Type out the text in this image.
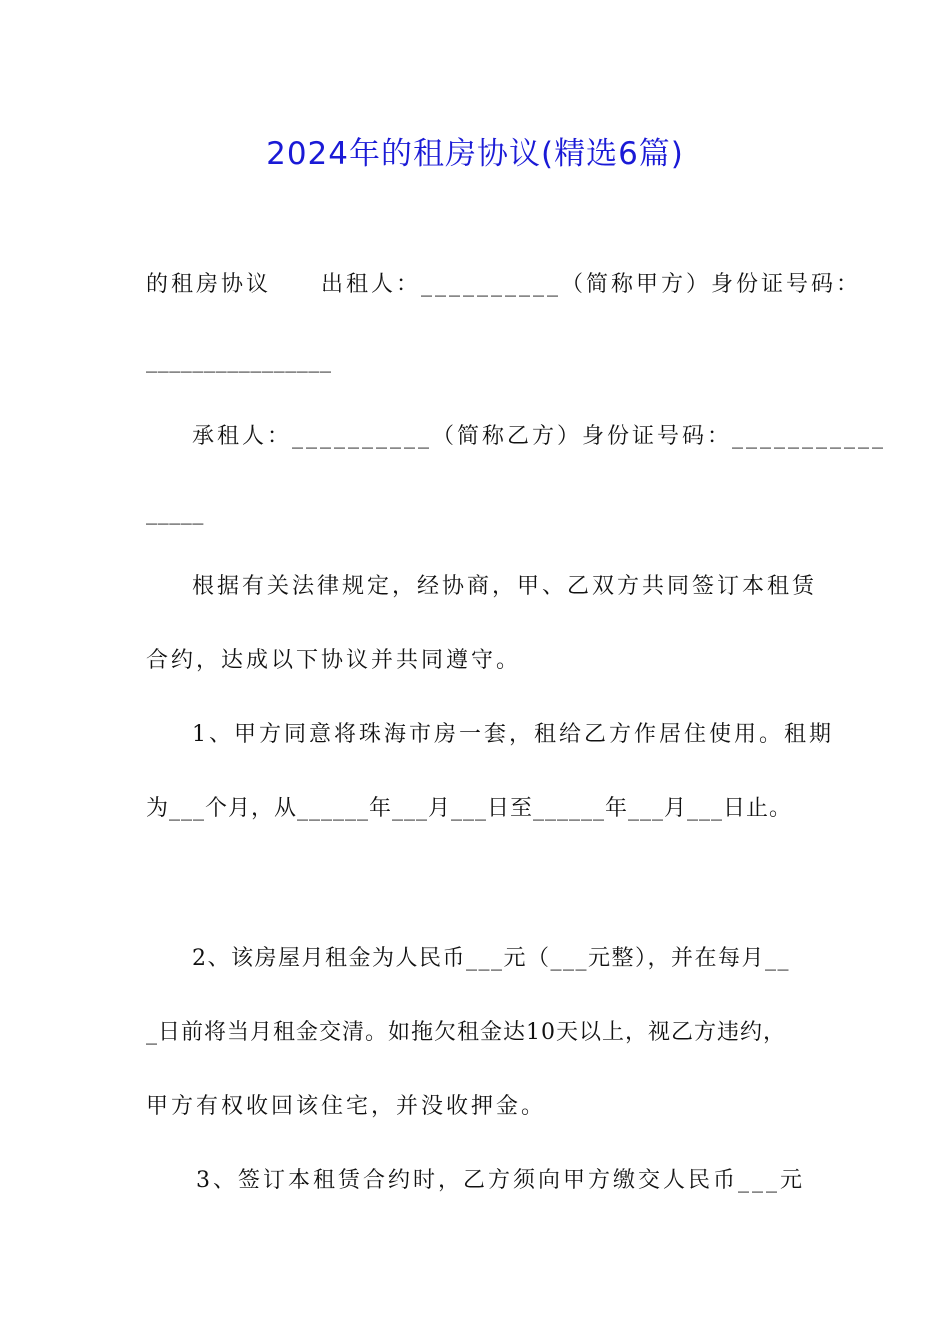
2024年的租房协议(精选6篇)
的租房协议　　出租人：__________（简称甲方）身份证号码：
________________
承租人：__________（简称乙方）身份证号码：___________
_____
根据有关法律规定，经协商，甲、乙双方共同签订本租赁
合约，达成以下协议并共同遵守。
1、甲方同意将珠海市房一套，租给乙方作居住使用。租期
为___个月，从______年___月___日至______年___月___日止。
2、该房屋月租金为人民币___元（___元整），并在每月__
_日前将当月租金交清。如拖欠租金达10天以上，视乙方违约，
甲方有权收回该住宅，并没收押金。
3、签订本租赁合约时，乙方须向甲方缴交人民币___元
